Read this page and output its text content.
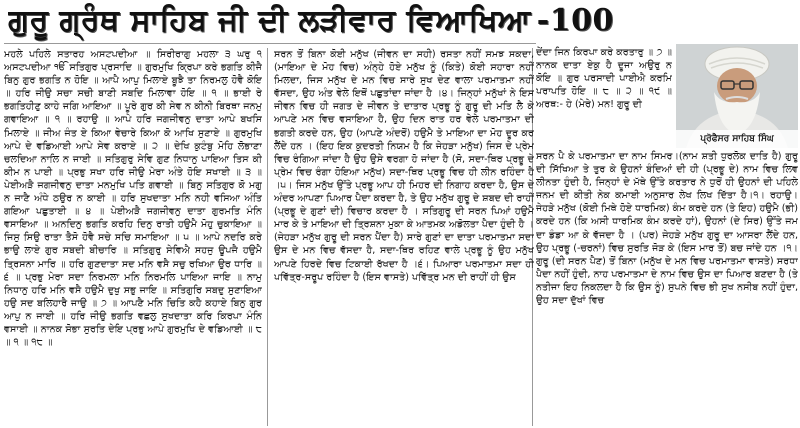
ਗੁਰੂ ਗ੍ਰੰਥ ਸਾਹਿਬ ਜੀ ਦੀ ਲੜੀਵਾਰ ਵਿਆਖਿਆ -100

ਮਹਲੇ ਪਹਿਲੇ ਸਤਾਰਹ ਅਸਟਪਦੀਆ ॥ ਸਿਰੀਰਾਗੁ ਮਹਲਾ ੩ ਘਰੁ ੧ ਅਸਟਪਦੀਆ ੴ ਸਤਿਗੁਰ ਪ੍ਰਸਾਦਿ ॥ ਗੁਰਮੁਖਿ ਕ੍ਰਿਪਾ ਕਰੇ ਭਗਤਿ ਕੀਜੈ ਬਿਨੁ ਗੁਰ ਭਗਤਿ ਨ ਹੋਇ ॥ ਆਪੈ ਆਪੁ ਮਿਲਾਏ ਬੂਝੈ ਤਾ ਨਿਰਮਲੁ ਹੋਵੈ ਕੋਇ ॥ ਹਰਿ ਜੀਉ ਸਚਾ ਸਚੀ ਬਾਣੀ ਸਬਦਿ ਮਿਲਾਵਾ ਹੋਇ ॥ ੧ ॥ ਭਾਈ ਰੇ ਭਗਤਿਹੀਣੁ ਕਾਹੇ ਜਗਿ ਆਇਆ ॥ ਪੂਰੇ ਗੁਰ ਕੀ ਸੇਵ ਨ ਕੀਨੀ ਬਿਰਥਾ ਜਨਮੁ ਗਵਾਇਆ ॥ ੧ ॥ ਰਹਾਉ ॥ ਆਪੇ ਹਰਿ ਜਗਜੀਵਨੁ ਦਾਤਾ ਆਪੇ ਬਖਸਿ ਮਿਲਾਏ ॥ ਜੀਅ ਜੰਤ ਏ ਕਿਆ ਵੇਚਾਰੇ ਕਿਆ ਕੋ ਆਖਿ ਸੁਣਾਏ ॥ ਗੁਰਮੁਖਿ ਆਪੇ ਦੇ ਵਡਿਆਈ ਆਪੇ ਸੇਵ ਕਰਾਏ ॥ ੨ ॥ ਦੇਖਿ ਕੁਟੰਬੁ ਮੋਹਿ ਲੋਭਾਣਾ ਚਲਦਿਆ ਨਾਲਿ ਨ ਜਾਈ ॥ ਸਤਿਗੁਰੁ ਸੇਵਿ ਗੁਣ ਨਿਧਾਨੁ ਪਾਇਆ ਤਿਸ ਕੀ ਕੀਮ ਨ ਪਾਈ ॥ ਪ੍ਰਭੁ ਸਖਾ ਹਰਿ ਜੀਉ ਮੇਰਾ ਅੰਤੇ ਹੋਇ ਸਖਾਈ ॥ ੩ ॥ ਪੇਈਅੜੈ ਜਗਜੀਵਨੁ ਦਾਤਾ ਮਨਮੁਖਿ ਪਤਿ ਗਵਾਈ ॥ ਬਿਨੁ ਸਤਿਗੁਰ ਕੋ ਮਗੁ ਨ ਜਾਣੈ ਅੰਧੇ ਠਉਰ ਨ ਕਾਈ ॥ ਹਰਿ ਸੁਖਦਾਤਾ ਮਨਿ ਨਹੀ ਵਸਿਆ ਅੰਤਿ ਗਇਆ ਪਛੁਤਾਈ ॥ ੪ ॥ ਪੇਈਅੜੈ ਜਗਜੀਵਨੁ ਦਾਤਾ ਗੁਰਮਤਿ ਮੰਨਿ ਵਸਾਇਆ ॥ ਅਨਦਿਨੁ ਭਗਤਿ ਕਰਹਿ ਦਿਨੁ ਰਾਤੀ ਹਉਮੈ ਮੋਹੁ ਚੁਕਾਇਆ ॥ ਜਿਸੁ ਸਿਉ ਰਾਤਾ ਤੈਸੋ ਹੋਵੈ ਸਚੇ ਸਚਿ ਸਮਾਇਆ ॥ ੫ ॥ ਆਪੇ ਨਦਰਿ ਕਰੇ ਭਾਉ ਲਾਏ ਗੁਰ ਸਬਦੀ ਬੀਚਾਰਿ ॥ ਸਤਿਗੁਰੁ ਸੇਵਿਐ ਸਹਜੁ ਊਪਜੈ ਹਉਮੈ ਤ੍ਰਿਸਨਾ ਮਾਰਿ ॥ ਹਰਿ ਗੁਣਦਾਤਾ ਸਦ ਮਨਿ ਵਸੈ ਸਚੁ ਰਖਿਆ ਉਰ ਧਾਰਿ ॥ ੬ ॥ ਪ੍ਰਭੁ ਮੇਰਾ ਸਦਾ ਨਿਰਮਲਾ ਮਨਿ ਨਿਰਮਲਿ ਪਾਇਆ ਜਾਇ ॥ ਨਾਮੁ ਨਿਧਾਨੁ ਹਰਿ ਮਨਿ ਵਸੈ ਹਉਮੈ ਦੁਖੁ ਸਭੁ ਜਾਇ ॥ ਸਤਿਗੁਰਿ ਸਬਦੁ ਸੁਣਾਇਆ ਹਉ ਸਦ ਬਲਿਹਾਰੈ ਜਾਉ ॥ ੭ ॥ ਆਪਣੈ ਮਨਿ ਚਿਤਿ ਕਹੈ ਕਹਾਏ ਬਿਨੁ ਗੁਰ ਆਪੁ ਨ ਜਾਈ ॥ ਹਰਿ ਜੀਉ ਭਗਤਿ ਵਛਲੁ ਸੁਖਦਾਤਾ ਕਰਿ ਕਿਰਪਾ ਮੰਨਿ ਵਸਾਈ ॥ ਨਾਨਕ ਸੋਭਾ ਸੁਰਤਿ ਦੇਇ ਪ੍ਰਭੁ ਆਪੇ ਗੁਰਮੁਖਿ ਦੇ ਵਡਿਆਈ ॥ ੮ ॥ ੧ ॥ ੧੮ ॥

ਸਰਨ ਤੋਂ ਬਿਨਾ ਕੋਈ ਮਨੁੱਖ (ਜੀਵਨ ਦਾ ਸਹੀ) ਰਸਤਾ ਨਹੀਂ ਸਮਝ ਸਕਦਾ, (ਮਾਇਆ ਦੇ ਮੋਹ ਵਿਚ) ਅੰਨ੍ਹੇ ਹੋਏ ਮਨੁੱਖ ਨੂੰ (ਕਿਤੇ) ਕੋਈ ਸਹਾਰਾ ਨਹੀਂ ਮਿਲਦਾ, ਜਿਸ ਮਨੁੱਖ ਦੇ ਮਨ ਵਿਚ ਸਾਰੇ ਸੁਖ ਦੇਣ ਵਾਲਾ ਪਰਮਾਤਮਾ ਨਹੀਂ ਵੱਸਦਾ, ਉਹ ਅੰਤ ਵੇਲੇ ਇਥੋਂ ਪਛੁਤਾਂਦਾ ਜਾਂਦਾ ਹੈ ।੪। ਜਿਨ੍ਹਾਂ ਮਨੁੱਖਾਂ ਨੇ ਇਸ ਜੀਵਨ ਵਿਚ ਹੀ ਜਗਤ ਦੇ ਜੀਵਨ ਤੇ ਦਾਤਾਰ ਪ੍ਰਭੂ ਨੂੰ ਗੁਰੂ ਦੀ ਮਤਿ ਲੈ ਕੇ ਆਪਣੇ ਮਨ ਵਿਚ ਵਸਾਇਆ ਹੈ, ਉਹ ਦਿਨ ਰਾਤ ਹਰ ਵੇਲੇ ਪਰਮਾਤਮਾ ਦੀ ਭਗਤੀ ਕਰਦੇ ਹਨ, ਉਹ (ਆਪਣੇ ਅੰਦਰੋਂ) ਹਉਮੈ ਤੇ ਮਾਇਆ ਦਾ ਮੋਹ ਦੂਰ ਕਰ ਲੈਂਦੇ ਹਨ । (ਇਹ ਇਕ ਕੁਦਰਤੀ ਨਿਯਮ ਹੈ ਕਿ ਜੇਹੜਾ ਮਨੁੱਖ) ਜਿਸ ਦੇ ਪ੍ਰੇਮ ਵਿਚ ਰੰਗਿਆ ਜਾਂਦਾ ਹੈ ਉਹ ਉਸੇ ਵਰਗਾ ਹੋ ਜਾਂਦਾ ਹੈ (ਸੋ, ਸਦਾ-ਥਿਰ ਪ੍ਰਭੂ ਦੇ ਪ੍ਰੇਮ ਵਿਚ ਰੰਗਾ ਹੋਇਆ ਮਨੁੱਖ) ਸਦਾ-ਥਿਰ ਪ੍ਰਭੂ ਵਿਚ ਹੀ ਲੀਨ ਰਹਿੰਦਾ ਹੈ ।੫। ਜਿਸ ਮਨੁੱਖ ਉੱਤੇ ਪ੍ਰਭੂ ਆਪ ਹੀ ਮਿਹਰ ਦੀ ਨਿਗਾਹ ਕਰਦਾ ਹੈ, ਉਸ ਦੇ ਅੰਦਰ ਆਪਣਾ ਪਿਆਰ ਪੈਦਾ ਕਰਦਾ ਹੈ, ਤੇ ਉਹ ਮਨੁੱਖ ਗੁਰੂ ਦੇ ਸ਼ਬਦ ਦੀ ਰਾਹੀਂ (ਪ੍ਰਭੂ ਦੇ ਗੁਣਾਂ ਦੀ) ਵਿਚਾਰ ਕਰਦਾ ਹੈ । ਸਤਿਗੁਰੂ ਦੀ ਸਰਨ ਪਿਆਂ ਹਉਮੈ ਮਾਰ ਕੇ ਤੇ ਮਾਇਆ ਦੀ ਤ੍ਰਿਸ਼ਨਾ ਮੁਕਾ ਕੇ ਆਤਮਕ ਅਡੋਲਤਾ ਪੈਦਾ ਹੁੰਦੀ ਹੈ । (ਜੇਹੜਾ ਮਨੁੱਖ ਗੁਰੂ ਦੀ ਸਰਨ ਪੈਂਦਾ ਹੈ) ਸਾਰੇ ਗੁਣਾਂ ਦਾ ਦਾਤਾ ਪਰਮਾਤਮਾ ਸਦਾ ਉਸ ਦੇ ਮਨ ਵਿਚ ਵੱਸਦਾ ਹੈ, ਸਦਾ-ਥਿਰ ਰਹਿਣ ਵਾਲੇ ਪ੍ਰਭੂ ਨੂੰ ਉਹ ਮਨੁੱਖ ਆਪਣੇ ਹਿਰਦੇ ਵਿਚ ਟਿਕਾਈ ਰੱਖਦਾ ਹੈ ।੬। ਪਿਆਰਾ ਪਰਮਾਤਮਾ ਸਦਾ ਹੀ ਪਵਿੱਤ੍ਰ-ਸਰੂਪ ਰਹਿੰਦਾ ਹੈ (ਇਸ ਵਾਸਤੇ) ਪਵਿੱਤ੍ਰ ਮਨ ਦੀ ਰਾਹੀਂ ਹੀ ਉਸ

ਦੇਂਦਾ ਜਿਨ ਕਿਰਪਾ ਕਰੇ ਕਰਤਾਰੁ ॥ ੭ ॥ ਨਾਨਕ ਦਾਤਾ ਏਕੁ ਹੈ ਦੂਜਾ ਅਉਰੁ ਨ ਕੋਇ ॥ ਗੁਰ ਪਰਸਾਦੀ ਪਾਈਐ ਕਰਮਿ ਪਰਾਪਤਿ ਹੋਇ ॥ ੮ ॥ ੨ ॥ ੧੯ ॥ ਅਰਥ:- ਹੇ (ਮੇਰੇ) ਮਨ! ਗੁਰੂ ਦੀ

ਪ੍ਰੋਫੈਸਰ ਸਾਹਿਬ ਸਿੰਘ

ਸਰਨ ਪੈ ਕੇ ਪਰਮਾਤਮਾ ਦਾ ਨਾਮ ਸਿਮਰ।(ਨਾਮ ਸ਼ਤੀ ਧੁਰਲੋਕ ਦਾਤਿ ਹੈ) ਗੁਰੂ ਦੀ ਸਿੱਖਿਆ ਤੇ ਤੁਰ ਕੇ ਉਹਨਾਂ ਬੰਦਿਆਂ ਦੀ ਹੀ (ਪ੍ਰਭੂ ਦੇ) ਨਾਮ ਵਿਚ ਲਿਵ ਲੀਨਤਾ ਹੁੰਦੀ ਹੈ, ਜਿਨ੍ਹਾਂ ਦੇ ਮੱਥੇ ਉੱਤੇ ਕਰਤਾਰ ਨੇ ਧੁਰੋਂ ਹੀ ਉਹਨਾਂ ਦੀ ਪਹਿਲੇ ਜਨਮ ਦੀ ਕੀਤੀ ਨੇਕ ਕਮਾਈ ਅਨੁਸਾਰ ਲੇਖ ਲਿਖ ਦਿੱਤਾ ਹੈ।੧। ਰਹਾਉ। ਜੇਹੜੇ ਮਨੁੱਖ (ਕੋਈ ਮਿਥੇ ਹੋਏ ਧਾਰਮਿਕ) ਕੰਮ ਕਰਦੇ ਹਨ (ਤੇ ਇਹ) ਹਉਮੈ (ਭੀ) ਕਰਦੇ ਹਨ (ਕਿ ਅਸੀ ਧਾਰਮਿਕ ਕੰਮ ਕਰਦੇ ਹਾਂ), ਉਹਨਾਂ (ਦੇ ਸਿਰ) ਉੱਤੇ ਜਮ ਦਾ ਡੰਡਾ ਆ ਕੇ ਵੱਜਦਾ ਹੈ । (ਪਰ) ਜੇਹੜੇ ਮਨੁੱਖ ਗੁਰੂ ਦਾ ਆਸਰਾ ਲੈਂਦੇ ਹਨ, ਉਹ ਪ੍ਰਭੂ (-ਚਰਨਾਂ) ਵਿਚ ਸੁਰਤਿ ਜੋੜ ਕੇ (ਇਸ ਮਾਰ ਤੋਂ) ਬਚ ਜਾਂਦੇ ਹਨ ।੧। ਗੁਰੂ (ਦੀ ਸਰਨ ਪੈਣ) ਤੋਂ ਬਿਨਾ (ਮਨੁੱਖ ਦੇ ਮਨ ਵਿਚ ਪਰਮਾਤਮਾ ਵਾਸਤੇ) ਸਰਧਾ ਪੈਦਾ ਨਹੀਂ ਹੁੰਦੀ, ਨਾਹ ਪਰਮਾਤਮਾ ਦੇ ਨਾਮ ਵਿਚ ਉਸ ਦਾ ਪਿਆਰ ਬਣਦਾ ਹੈ (ਤੇ ਨਤੀਜਾ ਇਹ ਨਿਕਲਦਾ ਹੈ ਕਿ ਉਸ ਨੂੰ) ਸੁਪਨੇ ਵਿਚ ਭੀ ਸੁਖ ਨਸੀਬ ਨਹੀਂ ਹੁੰਦਾ, ਉਹ ਸਦਾ ਦੁੱਖਾਂ ਵਿਚ
